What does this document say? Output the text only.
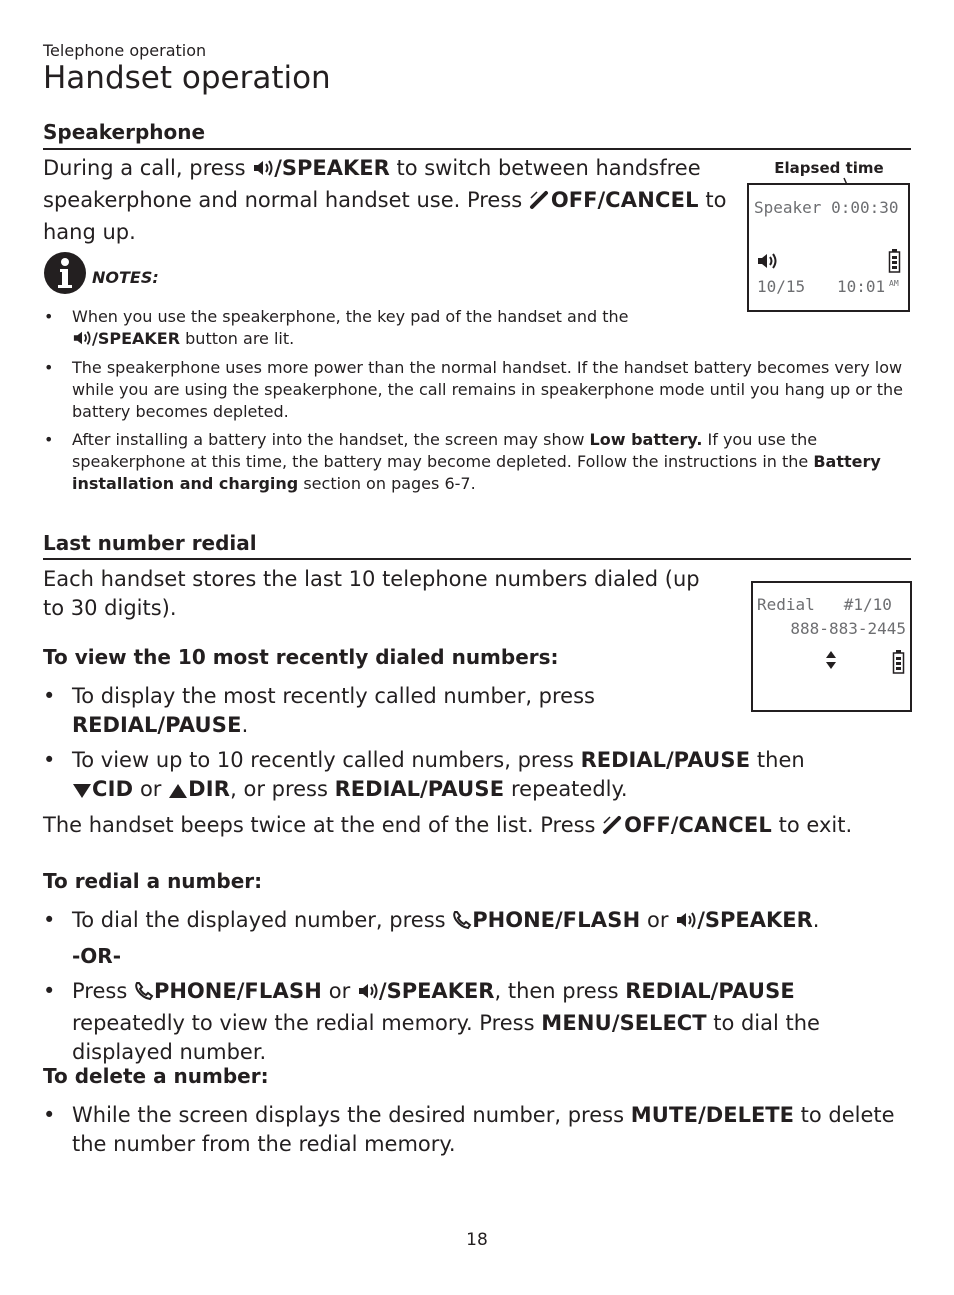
Telephone operation
Handset operation
Speakerphone
During a call, press /SPEAKER to switch between handsfree speakerphone and normal handset use. Press OFF/CANCEL to hang up.
NOTES:
• When you use the speakerphone, the key pad of the handset and the
/SPEAKER button are lit.
• The speakerphone uses more power than the normal handset. If the handset battery becomes very low while you are using the speakerphone, the call remains in speakerphone mode until you hang up or the battery becomes depleted.
• After installing a battery into the handset, the screen may show Low battery. If you use the speakerphone at this time, the battery may become depleted. Follow the instructions in the Battery installation and charging section on pages 6-7.
Elapsed time
Speaker 0:00:30
10/15 10:01 AM
Last number redial
Each handset stores the last 10 telephone numbers dialed (up to 30 digits).	Redial   #1/10
888-883-2445
To view the 10 most recently dialed numbers:
• To display the most recently called number, press REDIAL/PAUSE.
• To view up to 10 recently called numbers, press REDIAL/PAUSE then
CID or DIR, or press REDIAL/PAUSE repeatedly.
The handset beeps twice at the end of the list. Press OFF/CANCEL to exit.
To redial a number:
• To dial the displayed number, press PHONE/FLASH or /SPEAKER.
-OR-
• Press PHONE/FLASH or /SPEAKER, then press REDIAL/PAUSE repeatedly to view the redial memory. Press MENU/SELECT to dial the displayed number.
To delete a number:
• While the screen displays the desired number, press MUTE/DELETE to delete the number from the redial memory.
18
